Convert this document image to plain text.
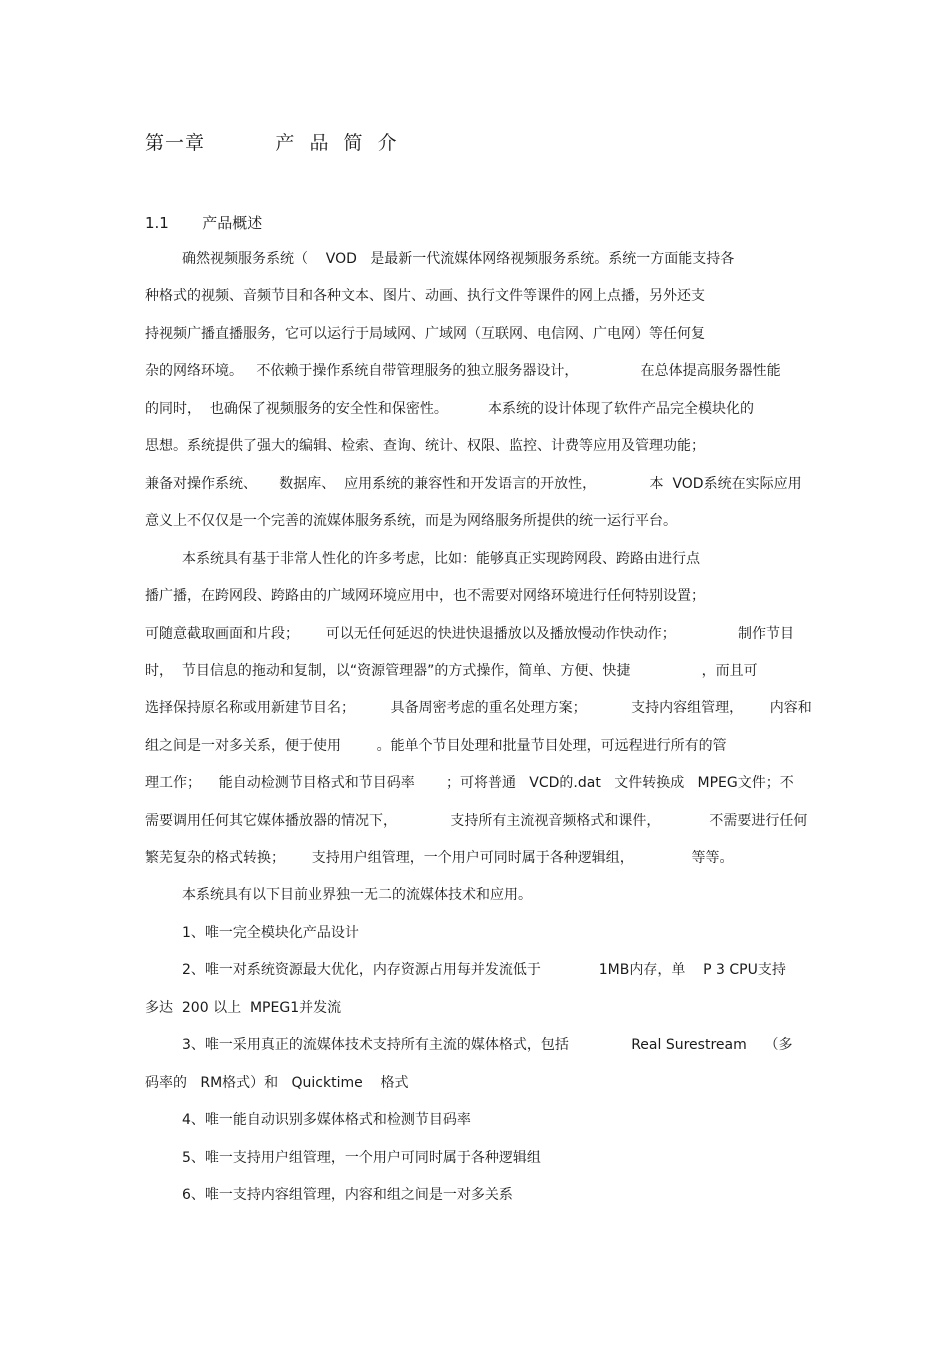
第一章          产  品  简  介
1.1       产品概述
确然视频服务系统（    VOD   是最新一代流媒体网络视频服务系统。系统一方面能支持各
种格式的视频、音频节目和各种文本、图片、动画、执行文件等课件的网上点播，另外还支
持视频广播直播服务，它可以运行于局域网、广域网（互联网、电信网、广电网）等任何复
杂的网络环境。   不依赖于操作系统自带管理服务的独立服务器设计，              在总体提高服务器性能
的同时，  也确保了视频服务的安全性和保密性。         本系统的设计体现了软件产品完全模块化的
思想。系统提供了强大的编辑、检索、查询、统计、权限、监控、计费等应用及管理功能；
兼备对操作系统、     数据库、  应用系统的兼容性和开发语言的开放性，            本  VOD系统在实际应用
意义上不仅仅是一个完善的流媒体服务系统，而是为网络服务所提供的统一运行平台。
本系统具有基于非常人性化的许多考虑，比如：能够真正实现跨网段、跨路由进行点
播广播，在跨网段、跨路由的广域网环境应用中，也不需要对网络环境进行任何特别设置；
可随意截取画面和片段；      可以无任何延迟的快进快退播放以及播放慢动作快动作；              制作节目
时，  节目信息的拖动和复制，以“资源管理器”的方式操作，简单、方便、快捷                ，而且可
选择保持原名称或用新建节目名；        具备周密考虑的重名处理方案；          支持内容组管理，      内容和
组之间是一对多关系，便于使用        。能单个节目处理和批量节目处理，可远程进行所有的管
理工作；    能自动检测节目格式和节目码率       ；可将普通   VCD的.dat   文件转换成   MPEG文件；不
需要调用任何其它媒体播放器的情况下，            支持所有主流视音频格式和课件，           不需要进行任何
繁芜复杂的格式转换；      支持用户组管理，一个用户可同时属于各种逻辑组，             等等。
本系统具有以下目前业界独一无二的流媒体技术和应用。
1、唯一完全模块化产品设计
2、唯一对系统资源最大优化，内存资源占用每并发流低于             1MB内存，单    P 3 CPU支持
多达  200 以上  MPEG1并发流
3、唯一采用真正的流媒体技术支持所有主流的媒体格式，包括              Real Surestream    （多
码率的   RM格式）和   Quicktime    格式
4、唯一能自动识别多媒体格式和检测节目码率
5、唯一支持用户组管理，一个用户可同时属于各种逻辑组
6、唯一支持内容组管理，内容和组之间是一对多关系
